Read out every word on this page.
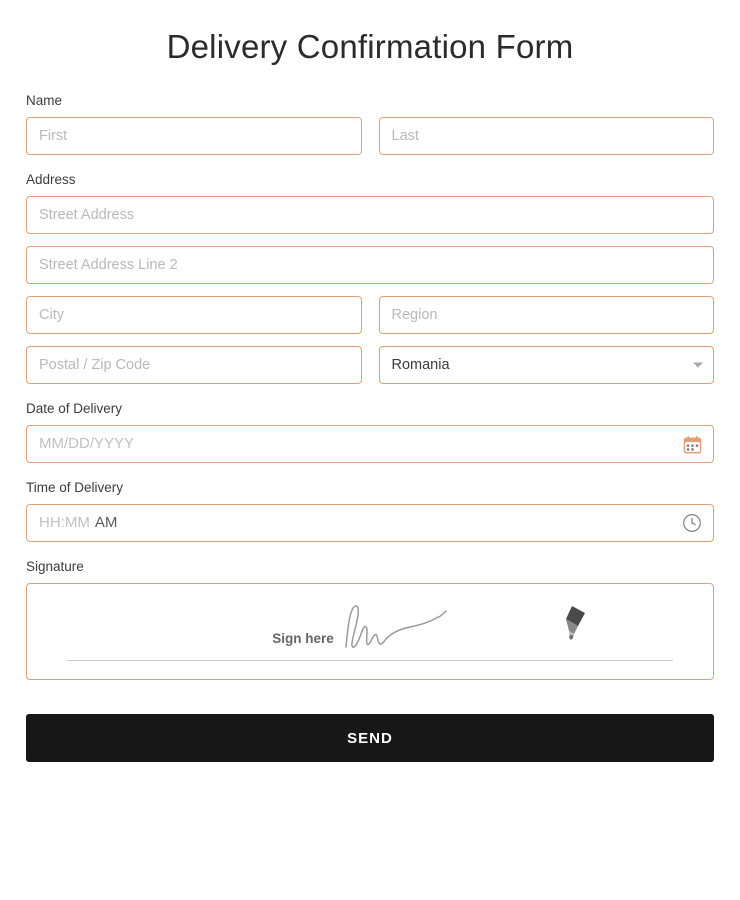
Delivery Confirmation Form
Name
First
Last
Address
Street Address
Street Address Line 2
City
Region
Postal / Zip Code
Romania
Date of Delivery
MM / DD / YYYY
Time of Delivery
HH : MM AM
Signature
Sign here
SEND
